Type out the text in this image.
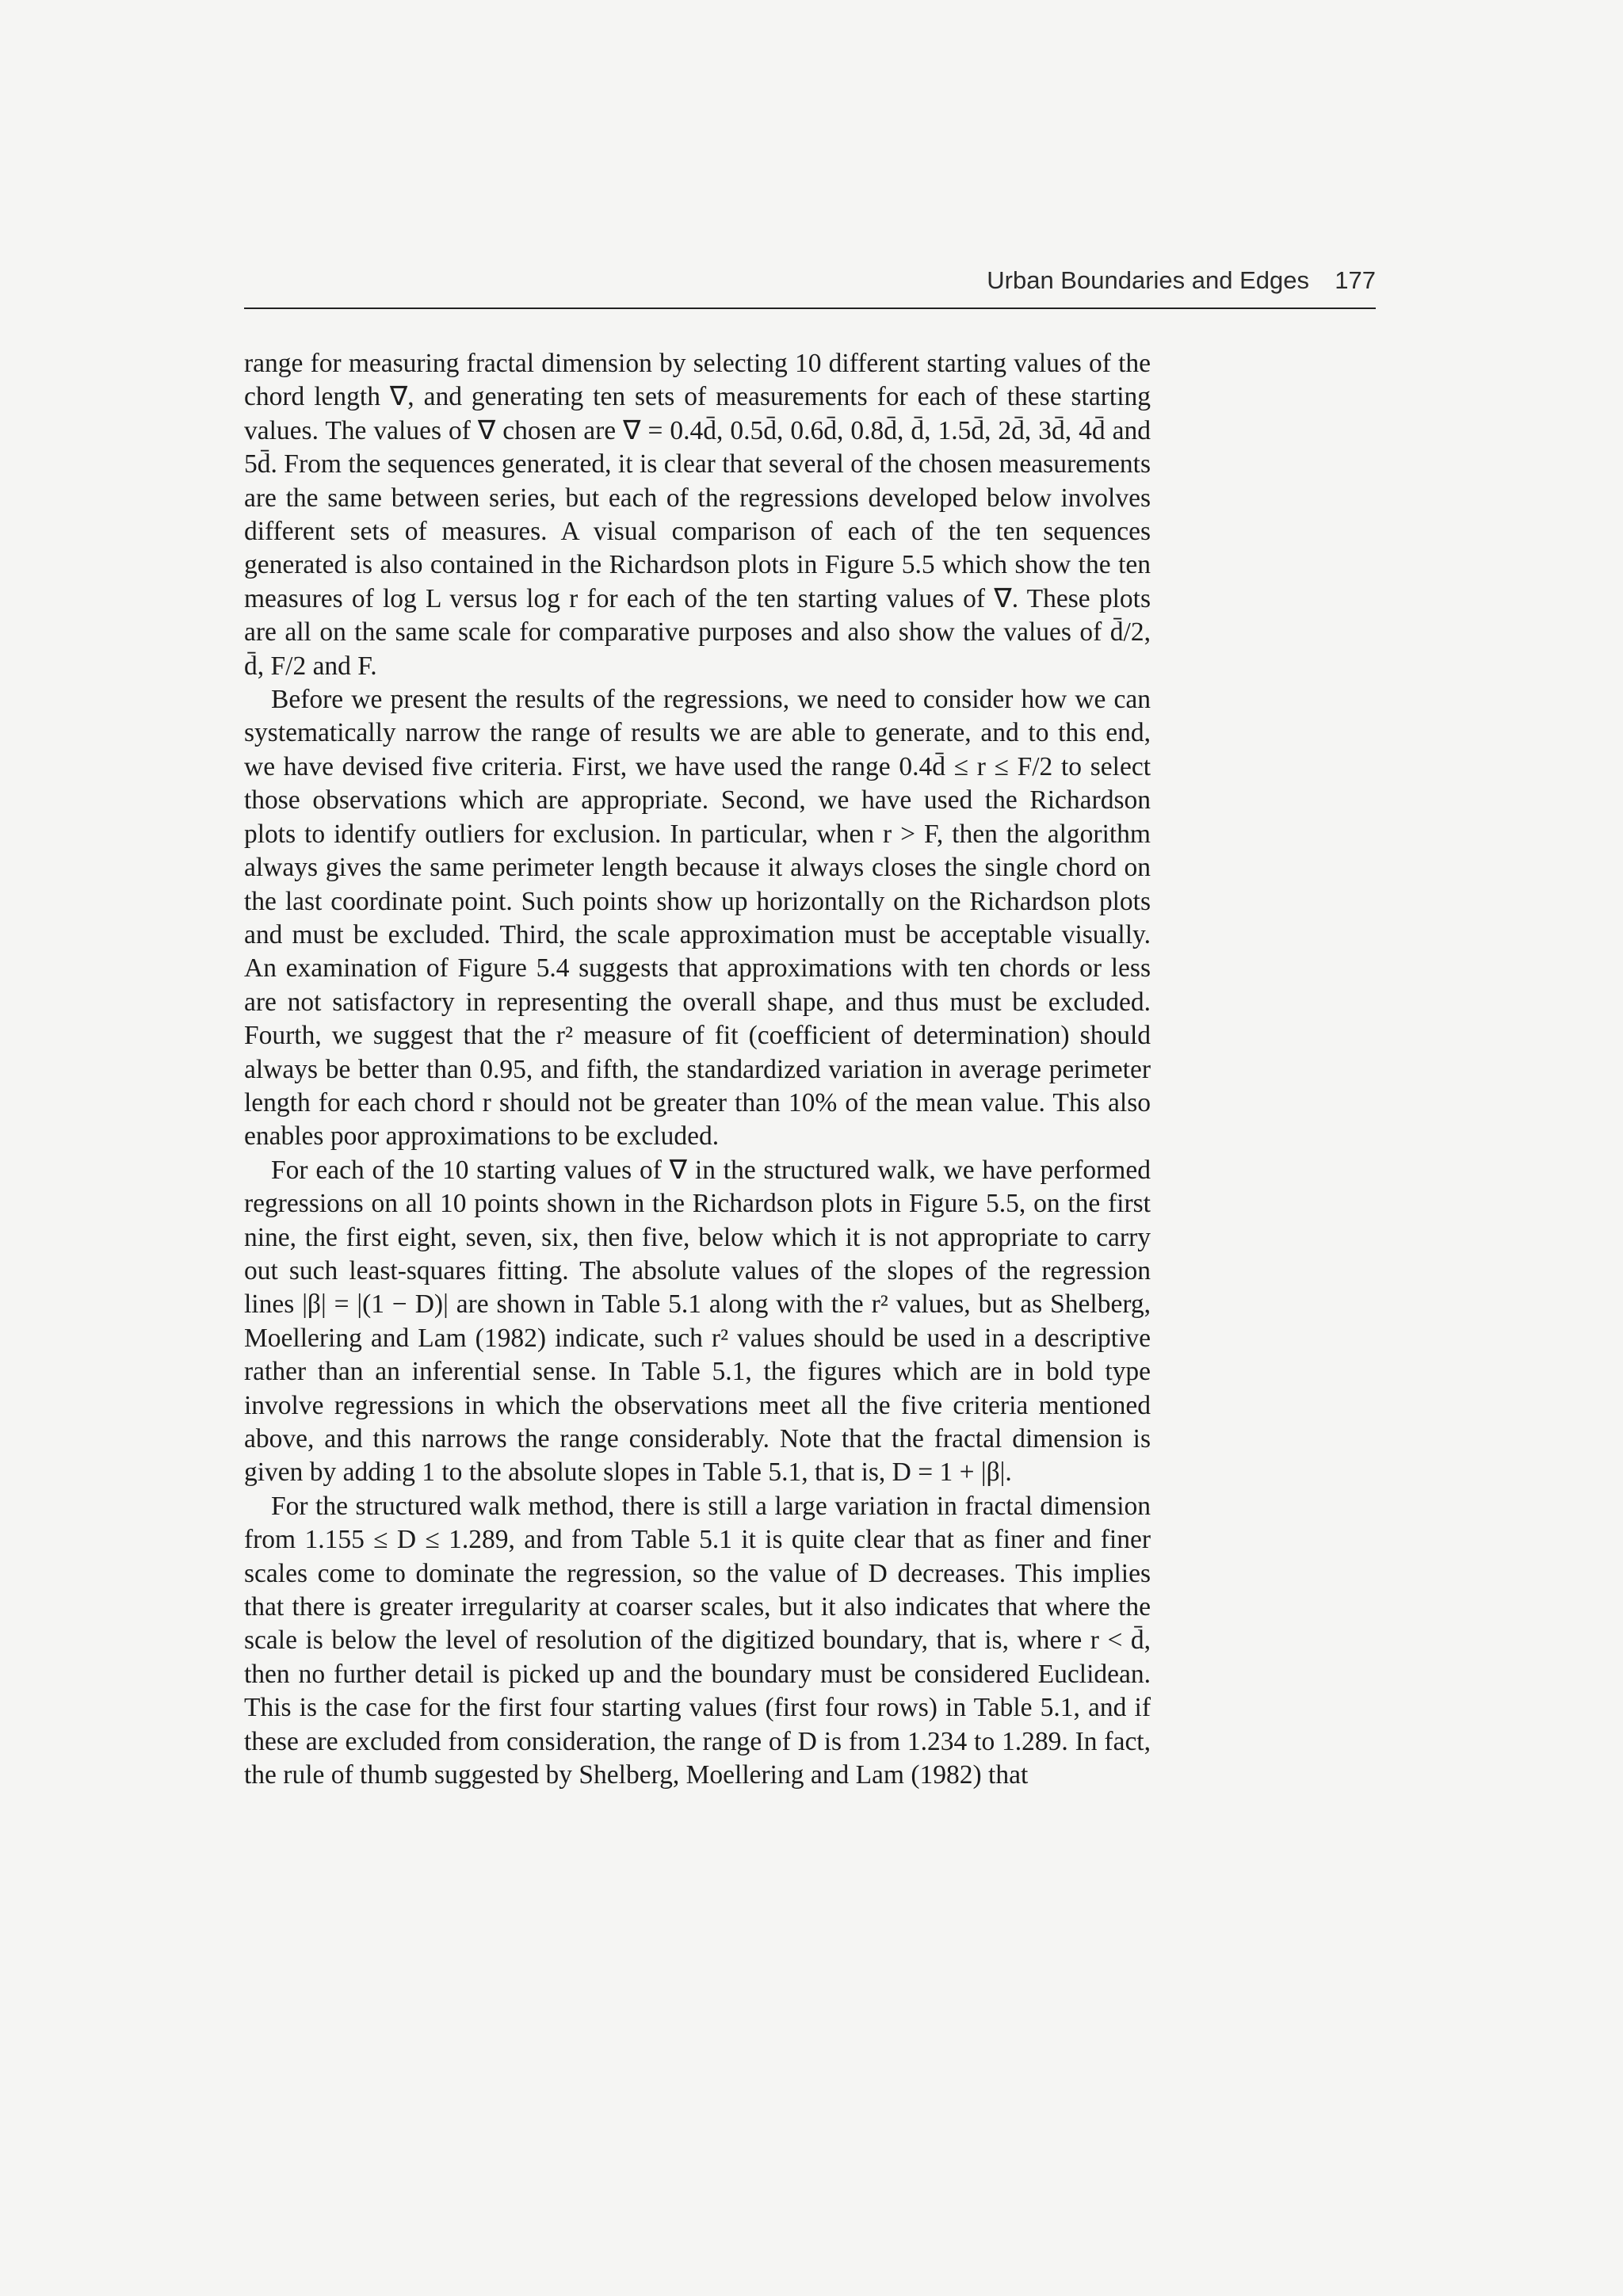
Urban Boundaries and Edges 177

range for measuring fractal dimension by selecting 10 different starting values of the chord length ∇, and generating ten sets of measurements for each of these starting values. The values of ∇ chosen are ∇ = 0.4d̄, 0.5d̄, 0.6d̄, 0.8d̄, d̄, 1.5d̄, 2d̄, 3d̄, 4d̄ and 5d̄. From the sequences generated, it is clear that several of the chosen measurements are the same between series, but each of the regressions developed below involves different sets of measures. A visual comparison of each of the ten sequences generated is also contained in the Richardson plots in Figure 5.5 which show the ten measures of log L versus log r for each of the ten starting values of ∇. These plots are all on the same scale for comparative purposes and also show the values of d̄/2, d̄, F/2 and F.

Before we present the results of the regressions, we need to consider how we can systematically narrow the range of results we are able to generate, and to this end, we have devised five criteria. First, we have used the range 0.4d̄ ≤ r ≤ F/2 to select those observations which are appropriate. Second, we have used the Richardson plots to identify outliers for exclusion. In particular, when r > F, then the algorithm always gives the same perimeter length because it always closes the single chord on the last coordinate point. Such points show up horizontally on the Richardson plots and must be excluded. Third, the scale approximation must be acceptable visually. An examination of Figure 5.4 suggests that approximations with ten chords or less are not satisfactory in representing the overall shape, and thus must be excluded. Fourth, we suggest that the r² measure of fit (coefficient of determination) should always be better than 0.95, and fifth, the standardized variation in average perimeter length for each chord r should not be greater than 10% of the mean value. This also enables poor approximations to be excluded.

For each of the 10 starting values of ∇ in the structured walk, we have performed regressions on all 10 points shown in the Richardson plots in Figure 5.5, on the first nine, the first eight, seven, six, then five, below which it is not appropriate to carry out such least-squares fitting. The absolute values of the slopes of the regression lines |β| = |(1 − D)| are shown in Table 5.1 along with the r² values, but as Shelberg, Moellering and Lam (1982) indicate, such r² values should be used in a descriptive rather than an inferential sense. In Table 5.1, the figures which are in bold type involve regressions in which the observations meet all the five criteria mentioned above, and this narrows the range considerably. Note that the fractal dimension is given by adding 1 to the absolute slopes in Table 5.1, that is, D = 1 + |β|.

For the structured walk method, there is still a large variation in fractal dimension from 1.155 ≤ D ≤ 1.289, and from Table 5.1 it is quite clear that as finer and finer scales come to dominate the regression, so the value of D decreases. This implies that there is greater irregularity at coarser scales, but it also indicates that where the scale is below the level of resolution of the digitized boundary, that is, where r < d̄, then no further detail is picked up and the boundary must be considered Euclidean. This is the case for the first four starting values (first four rows) in Table 5.1, and if these are excluded from consideration, the range of D is from 1.234 to 1.289. In fact, the rule of thumb suggested by Shelberg, Moellering and Lam (1982) that
